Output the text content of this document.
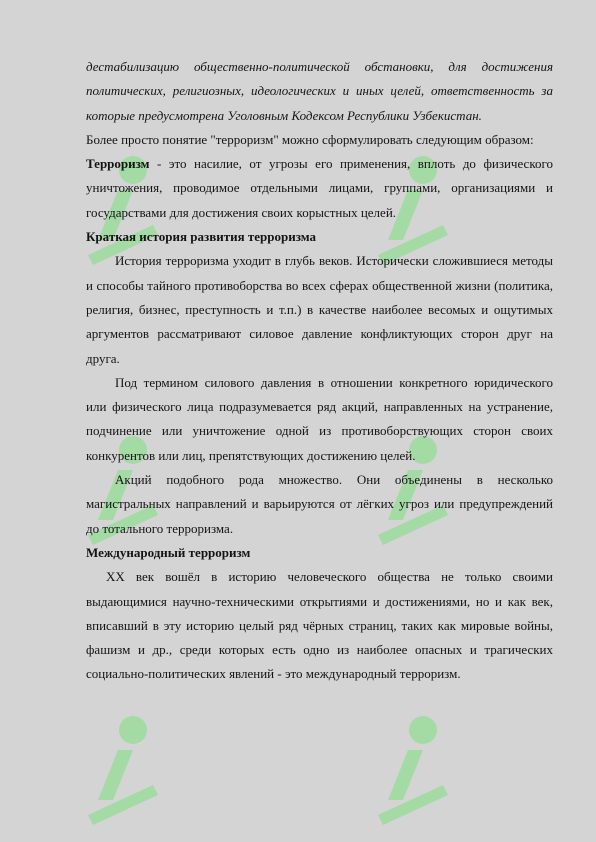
дестабилизацию общественно-политической обстановки, для достижения политических, религиозных, идеологических и иных целей, ответственность за которые предусмотрена Уголовным Кодексом Республики Узбекистан.

Более просто понятие "терроризм" можно сформулировать следующим образом:

Терроризм - это насилие, от угрозы его применения, вплоть до физического уничтожения, проводимое отдельными лицами, группами, организациями и государствами для достижения своих корыстных целей.

Краткая история развития терроризма

История терроризма уходит в глубь веков. Исторически сложившиеся методы и способы тайного противоборства во всех сферах общественной жизни (политика, религия, бизнес, преступность и т.п.) в качестве наиболее весомых и ощутимых аргументов рассматривают силовое давление конфликтующих сторон друг на друга.

Под термином силового давления в отношении конкретного юридического или физического лица подразумевается ряд акций, направленных на устранение, подчинение или уничтожение одной из противоборствующих сторон своих конкурентов или лиц, препятствующих достижению целей.

Акций подобного рода множество. Они объединены в несколько магистральных направлений и варьируются от лёгких угроз или предупреждений до тотального терроризма.

Международный терроризм

XX век вошёл в историю человеческого общества не только своими выдающимися научно-техническими открытиями и достижениями, но и как век, вписавший в эту историю целый ряд чёрных страниц, таких как мировые войны, фашизм и др., среди которых есть одно из наиболее опасных и трагических социально-политических явлений - это международный терроризм.
